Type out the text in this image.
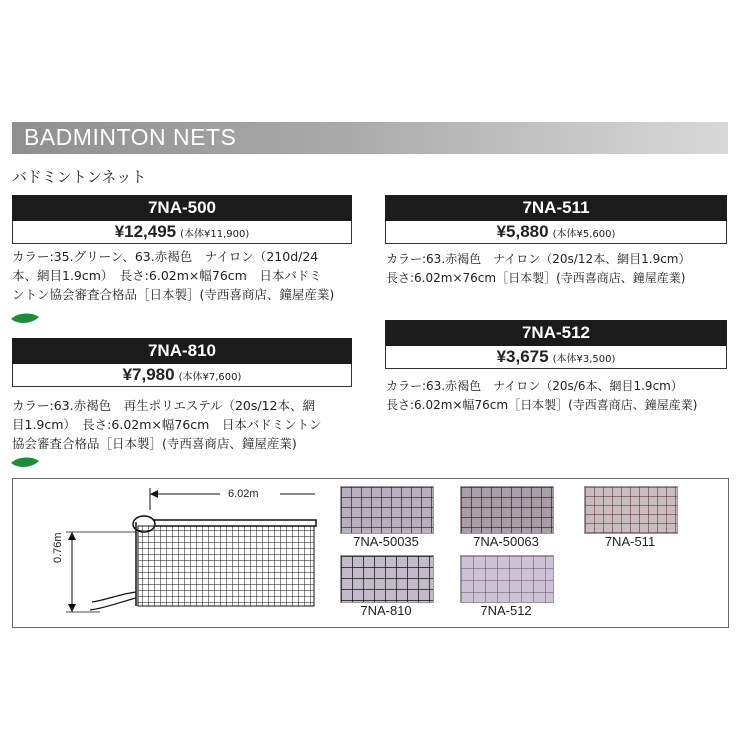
BADMINTON NETS
バドミントンネット
7NA-500
¥12,495 (本体¥11,900)
カラー:35.グリーン、63.赤褐色　ナイロン（210d/24
本、網目1.9cm）　長さ:6.02m×幅76cm　日本バドミ
ントン協会審査合格品［日本製］(寺西喜商店、鐘屋産業)
7NA-810
¥7,980 (本体¥7,600)
カラー:63.赤褐色　再生ポリエステル（20s/12本、網
目1.9cm）　長さ:6.02m×幅76cm　日本バドミントン
協会審査合格品［日本製］(寺西喜商店、鐘屋産業)
7NA-511
¥5,880 (本体¥5,600)
カラー:63.赤褐色　ナイロン（20s/12本、網目1.9cm）
長さ:6.02m×76cm［日本製］(寺西喜商店、鐘屋産業)
7NA-512
¥3,675 (本体¥3,500)
カラー:63.赤褐色　ナイロン（20s/6本、網目1.9cm）
長さ:6.02m×幅76cm［日本製］(寺西喜商店、鐘屋産業)
6.02m
0.76m	7NA-50035	7NA-50063	7NA-511
7NA-810	7NA-512
